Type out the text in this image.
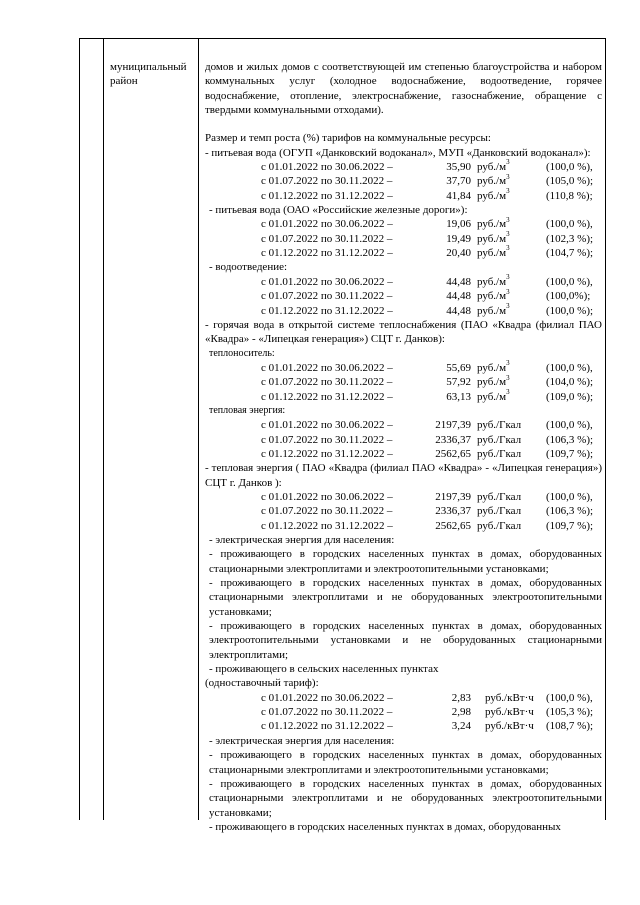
муниципальный
район
домов и жилых домов с соответствующей им степенью благоустройства и набором коммунальных услуг (холодное водоснабжение, водоотведение, горячее водоснабжение, отопление, электроснабжение, газоснабжение, обращение с твердыми коммунальными отходами).
Размер и темп роста (%) тарифов на коммунальные ресурсы:
- питьевая вода (ОГУП «Данковский водоканал», МУП «Данковский водоканал»):
с 01.01.2022 по 30.06.2022 –	35,90 $руб./м^3$	(100,0 %),
с 01.07.2022 по 30.11.2022 –	37,70 $руб./м^3$	(105,0 %);
с 01.12.2022 по 31.12.2022 –	41,84 $руб./м^3$	(110,8 %);
- питьевая вода (ОАО «Российские железные дороги»):
с 01.01.2022 по 30.06.2022 –	19,06 $руб./м^3$	(100,0 %),
с 01.07.2022 по 30.11.2022 –	19,49 $руб./м^3$	(102,3 %);
с 01.12.2022 по 31.12.2022 –	20,40 $руб./м^3$	(104,7 %);
- водоотведение:
с 01.01.2022 по 30.06.2022 –	44,48 $руб./м^3$	(100,0 %),
с 01.07.2022 по 30.11.2022 –	44,48 $руб./м^3$	(100,0%);
с 01.12.2022 по 31.12.2022 –	44,48 $руб./м^3$	(100,0 %);
- горячая вода в открытой системе теплоснабжения (ПАО «Квадра (филиал ПАО «Квадра» - «Липецкая генерация») СЦТ г. Данков):
теплоноситель:
с 01.01.2022 по 30.06.2022 –	55,69 $руб./м^3$	(100,0 %),
с 01.07.2022 по 30.11.2022 –	57,92 $руб./м^3$	(104,0 %);
с 01.12.2022 по 31.12.2022 –	63,13 $руб./м^3$	(109,0 %);
тепловая энергия:
с 01.01.2022 по 30.06.2022 –	2197,39 руб./Гкал (100,0 %),
с 01.07.2022 по 30.11.2022 –	2336,37 руб./Гкал (106,3 %);
с 01.12.2022 по 31.12.2022 –	2562,65 руб./Гкал (109,7 %);
- тепловая энергия ( ПАО «Квадра (филиал ПАО «Квадра» - «Липецкая генерация») СЦТ г. Данков ):
с 01.01.2022 по 30.06.2022 –	2197,39 руб./Гкал (100,0 %),
с 01.07.2022 по 30.11.2022 –	2336,37 руб./Гкал (106,3 %);
с 01.12.2022 по 31.12.2022 –	2562,65 руб./Гкал (109,7 %);
- электрическая энергия для населения:
- проживающего в городских населенных пунктах в домах, оборудованных стационарными электроплитами и электроотопительными установками;
- проживающего в городских населенных пунктах в домах, оборудованных стационарными электроплитами и не оборудованных электроотопительными установками;
- проживающего в городских населенных пунктах в домах, оборудованных электроотопительными установками и не оборудованных стационарными электроплитами;
- проживающего в сельских населенных пунктах
(одноставочный тариф):
с 01.01.2022 по 30.06.2022 –	2,83 руб./кВт·ч (100,0 %),
с 01.07.2022 по 30.11.2022 –	2,98 руб./кВт·ч (105,3 %);
с 01.12.2022 по 31.12.2022 –	3,24 руб./кВт·ч (108,7 %);
- электрическая энергия для населения:
- проживающего в городских населенных пунктах в домах, оборудованных стационарными электроплитами и электроотопительными установками;
- проживающего в городских населенных пунктах в домах, оборудованных стационарными электроплитами и не оборудованных электроотопительными установками;
- проживающего в городских населенных пунктах в домах, оборудованных
